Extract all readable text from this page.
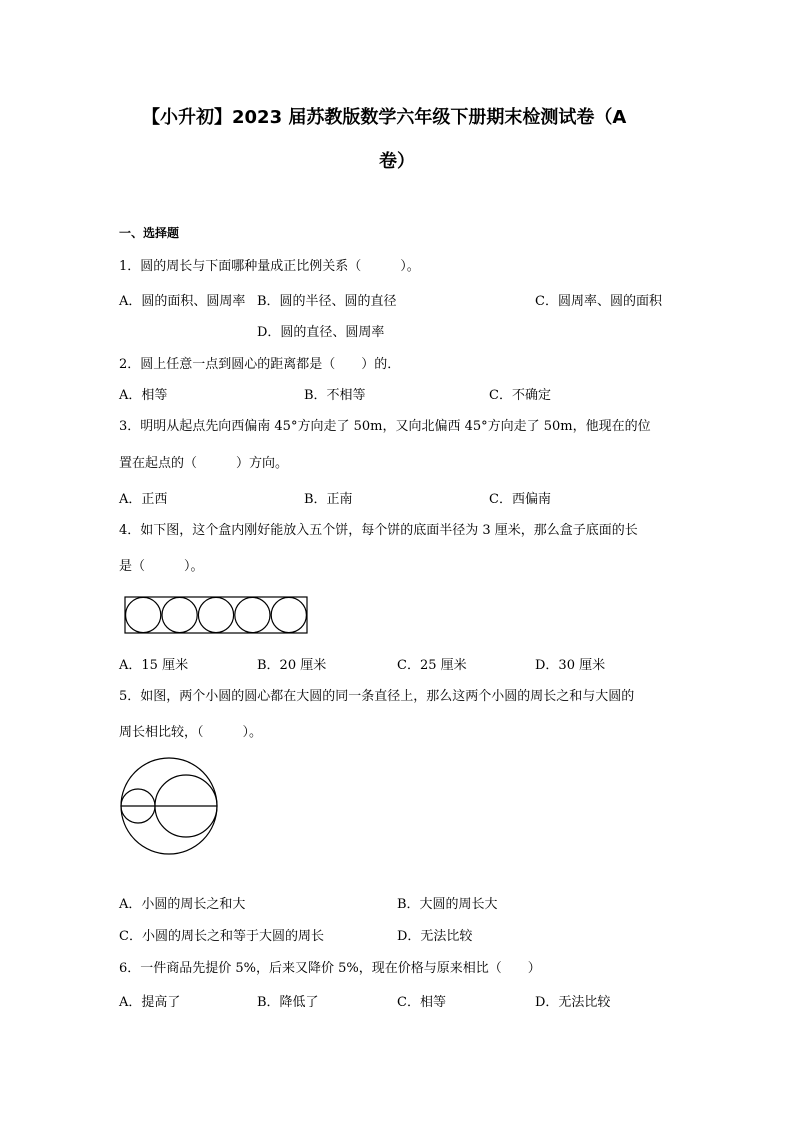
【小升初】2023 届苏教版数学六年级下册期末检测试卷（A
卷）
一、选择题
1．圆的周长与下面哪种量成正比例关系（　　　）。
A．圆的面积、圆周率 B．圆的半径、圆的直径	C．圆周率、圆的面积
D．圆的直径、圆周率
2．圆上任意一点到圆心的距离都是（　　）的．
A．相等	B．不相等	C．不确定
3．明明从起点先向西偏南 45°方向走了 50m，又向北偏西 45°方向走了 50m，他现在的位
置在起点的（　　　）方向。
A．正西	B．正南	C．西偏南
4．如下图，这个盒内刚好能放入五个饼，每个饼的底面半径为 3 厘米，那么盒子底面的长
是（　　　）。
A．15 厘米	B．20 厘米	C．25 厘米	D．30 厘米
5．如图，两个小圆的圆心都在大圆的同一条直径上，那么这两个小圆的周长之和与大圆的
周长相比较，（　　　）。
A．小圆的周长之和大	B．大圆的周长大
C．小圆的周长之和等于大圆的周长	D．无法比较
6．一件商品先提价 5%，后来又降价 5%，现在价格与原来相比（　　）
A．提高了	B．降低了	C．相等	D．无法比较
